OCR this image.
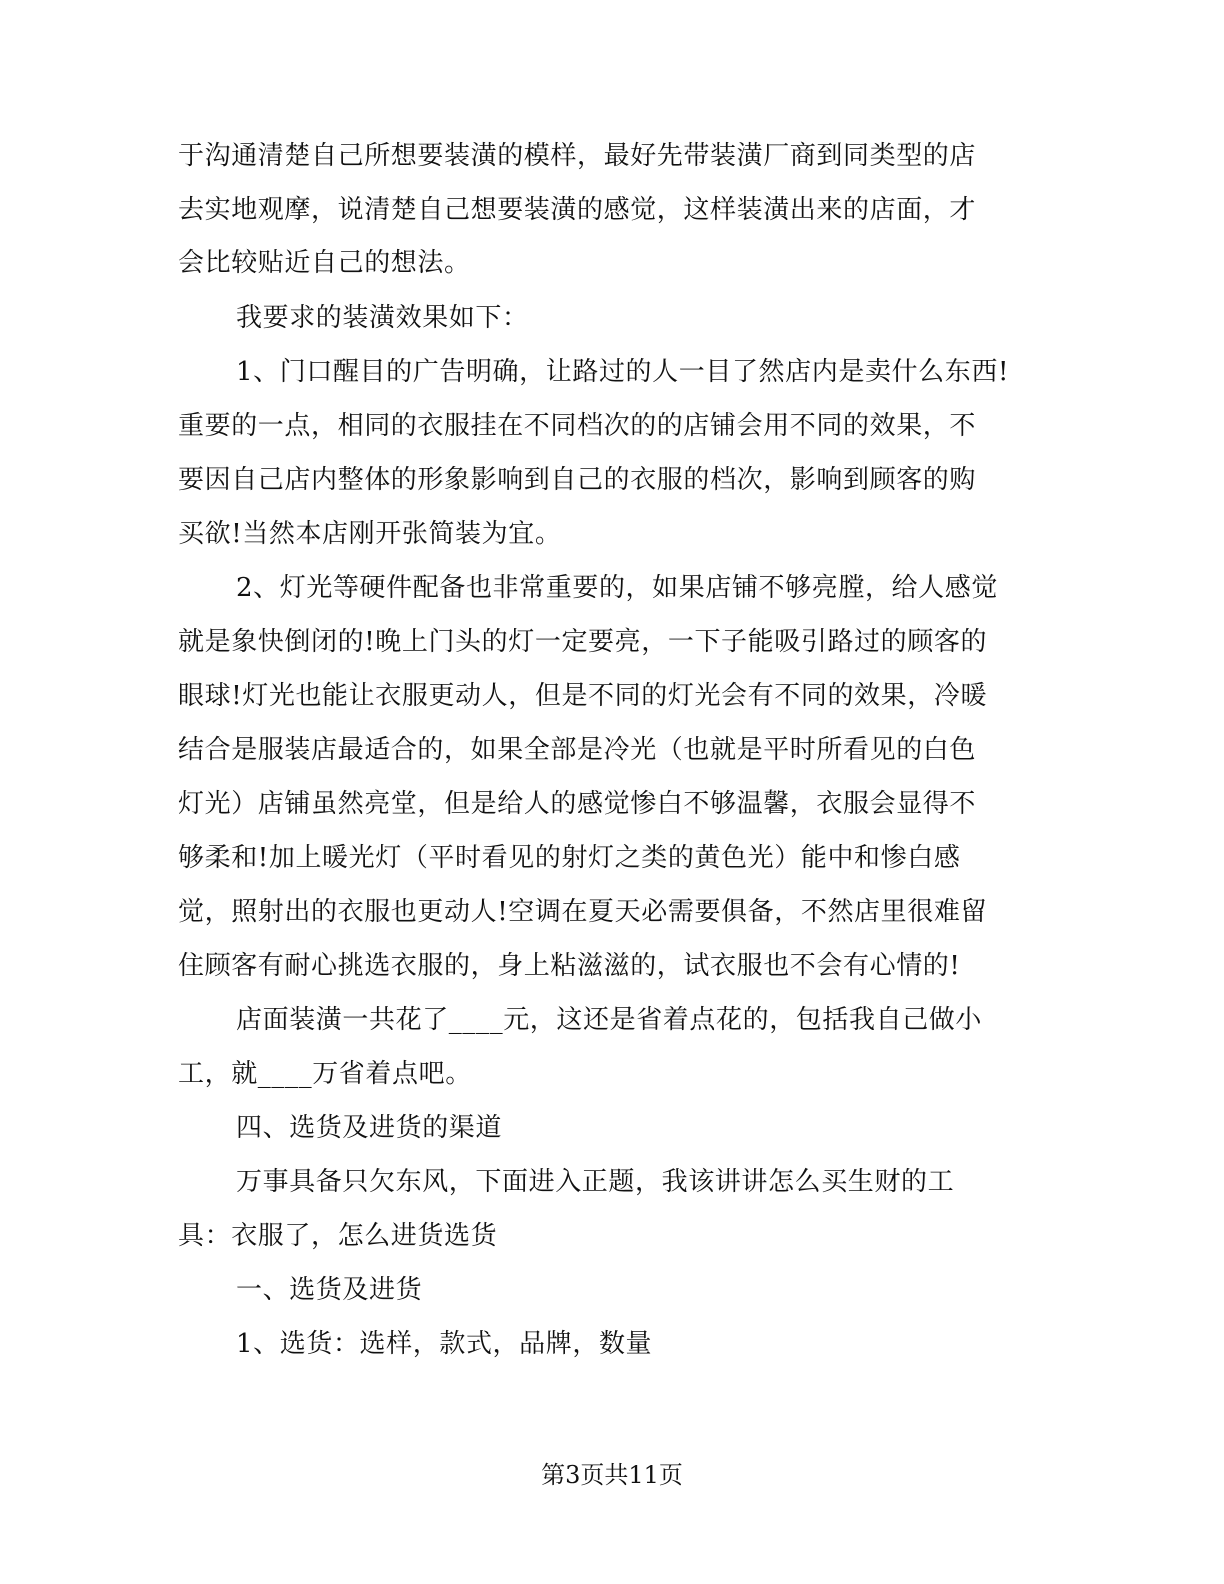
于沟通清楚自己所想要装潢的模样，最好先带装潢厂商到同类型的店
去实地观摩，说清楚自己想要装潢的感觉，这样装潢出来的店面，才
会比较贴近自己的想法。
我要求的装潢效果如下：
1、门口醒目的广告明确，让路过的人一目了然店内是卖什么东西!
重要的一点，相同的衣服挂在不同档次的的店铺会用不同的效果，不
要因自己店内整体的形象影响到自己的衣服的档次，影响到顾客的购
买欲!当然本店刚开张简装为宜。
2、灯光等硬件配备也非常重要的，如果店铺不够亮膛，给人感觉
就是象快倒闭的!晚上门头的灯一定要亮，一下子能吸引路过的顾客的
眼球!灯光也能让衣服更动人，但是不同的灯光会有不同的效果，冷暖
结合是服装店最适合的，如果全部是冷光（也就是平时所看见的白色
灯光）店铺虽然亮堂，但是给人的感觉惨白不够温馨，衣服会显得不
够柔和!加上暖光灯（平时看见的射灯之类的黄色光）能中和惨白感
觉，照射出的衣服也更动人!空调在夏天必需要俱备，不然店里很难留
住顾客有耐心挑选衣服的，身上粘滋滋的，试衣服也不会有心情的!
店面装潢一共花了____元，这还是省着点花的，包括我自己做小
工，就____万省着点吧。
四、选货及进货的渠道
万事具备只欠东风，下面进入正题，我该讲讲怎么买生财的工
具：衣服了，怎么进货选货
一、选货及进货
1、选货：选样，款式，品牌，数量
第3页共11页
